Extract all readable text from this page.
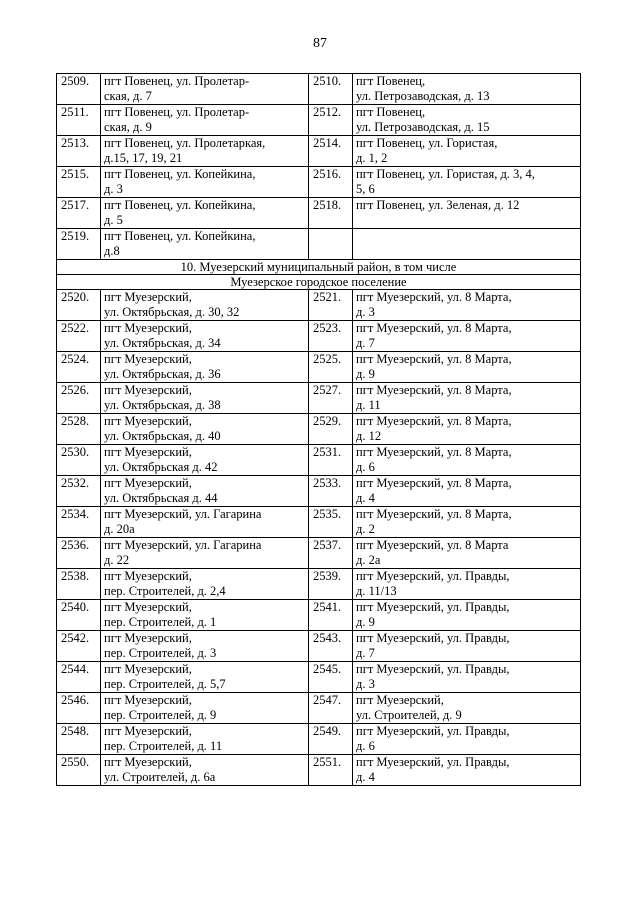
87
2509.	пгт Повенец, ул. Пролетар-
ская, д. 7	2510.	пгт Повенец,
ул. Петрозаводская, д. 13
2511.	пгт Повенец, ул. Пролетар-
ская, д. 9	2512.	пгт Повенец,
ул. Петрозаводская, д. 15
2513.	пгт Повенец, ул. Пролетаркая,
д.15, 17, 19, 21	2514.	пгт Повенец, ул. Гористая,
д. 1, 2
2515.	пгт Повенец, ул. Копейкина,
д. 3	2516.	пгт Повенец, ул. Гористая, д. 3, 4,
5, 6
2517.	пгт Повенец, ул. Копейкина,
д. 5	2518.	пгт Повенец, ул. Зеленая, д. 12
2519.	пгт Повенец, ул. Копейкина,
д.8		
10. Муезерский муниципальный район, в том числе			
Муезерское городское поселение			
2520.	пгт Муезерский,
ул. Октябрьская, д. 30, 32	2521.	пгт Муезерский, ул. 8 Марта,
д. 3
2522.	пгт Муезерский,
ул. Октябрьская, д. 34	2523.	пгт Муезерский, ул. 8 Марта,
д. 7
2524.	пгт Муезерский,
ул. Октябрьская, д. 36	2525.	пгт Муезерский, ул. 8 Марта,
д. 9
2526.	пгт Муезерский,
ул. Октябрьская, д. 38	2527.	пгт Муезерский, ул. 8 Марта,
д. 11
2528.	пгт Муезерский,
ул. Октябрьская, д. 40	2529.	пгт Муезерский, ул. 8 Марта,
д. 12
2530.	пгт Муезерский,
ул. Октябрьская д. 42	2531.	пгт Муезерский, ул. 8 Марта,
д. 6
2532.	пгт Муезерский,
ул. Октябрьская д. 44	2533.	пгт Муезерский, ул. 8 Марта,
д. 4
2534.	пгт Муезерский, ул. Гагарина
д. 20а	2535.	пгт Муезерский, ул. 8 Марта,
д. 2
2536.	пгт Муезерский, ул. Гагарина
д. 22	2537.	пгт Муезерский, ул. 8 Марта
д. 2а
2538.	пгт Муезерский,
пер. Строителей, д. 2,4	2539.	пгт Муезерский, ул. Правды,
д. 11/13
2540.	пгт Муезерский,
пер. Строителей, д. 1	2541.	пгт Муезерский, ул. Правды,
д. 9
2542.	пгт Муезерский,
пер. Строителей, д. 3	2543.	пгт Муезерский, ул. Правды,
д. 7
2544.	пгт Муезерский,
пер. Строителей, д. 5,7	2545.	пгт Муезерский, ул. Правды,
д. 3
2546.	пгт Муезерский,
пер. Строителей, д. 9	2547.	пгт Муезерский,
ул. Строителей, д. 9
2548.	пгт Муезерский,
пер. Строителей, д. 11	2549.	пгт Муезерский, ул. Правды,
д. 6
2550.	пгт Муезерский,
ул. Строителей, д. 6а	2551.	пгт Муезерский, ул. Правды,
д. 4
